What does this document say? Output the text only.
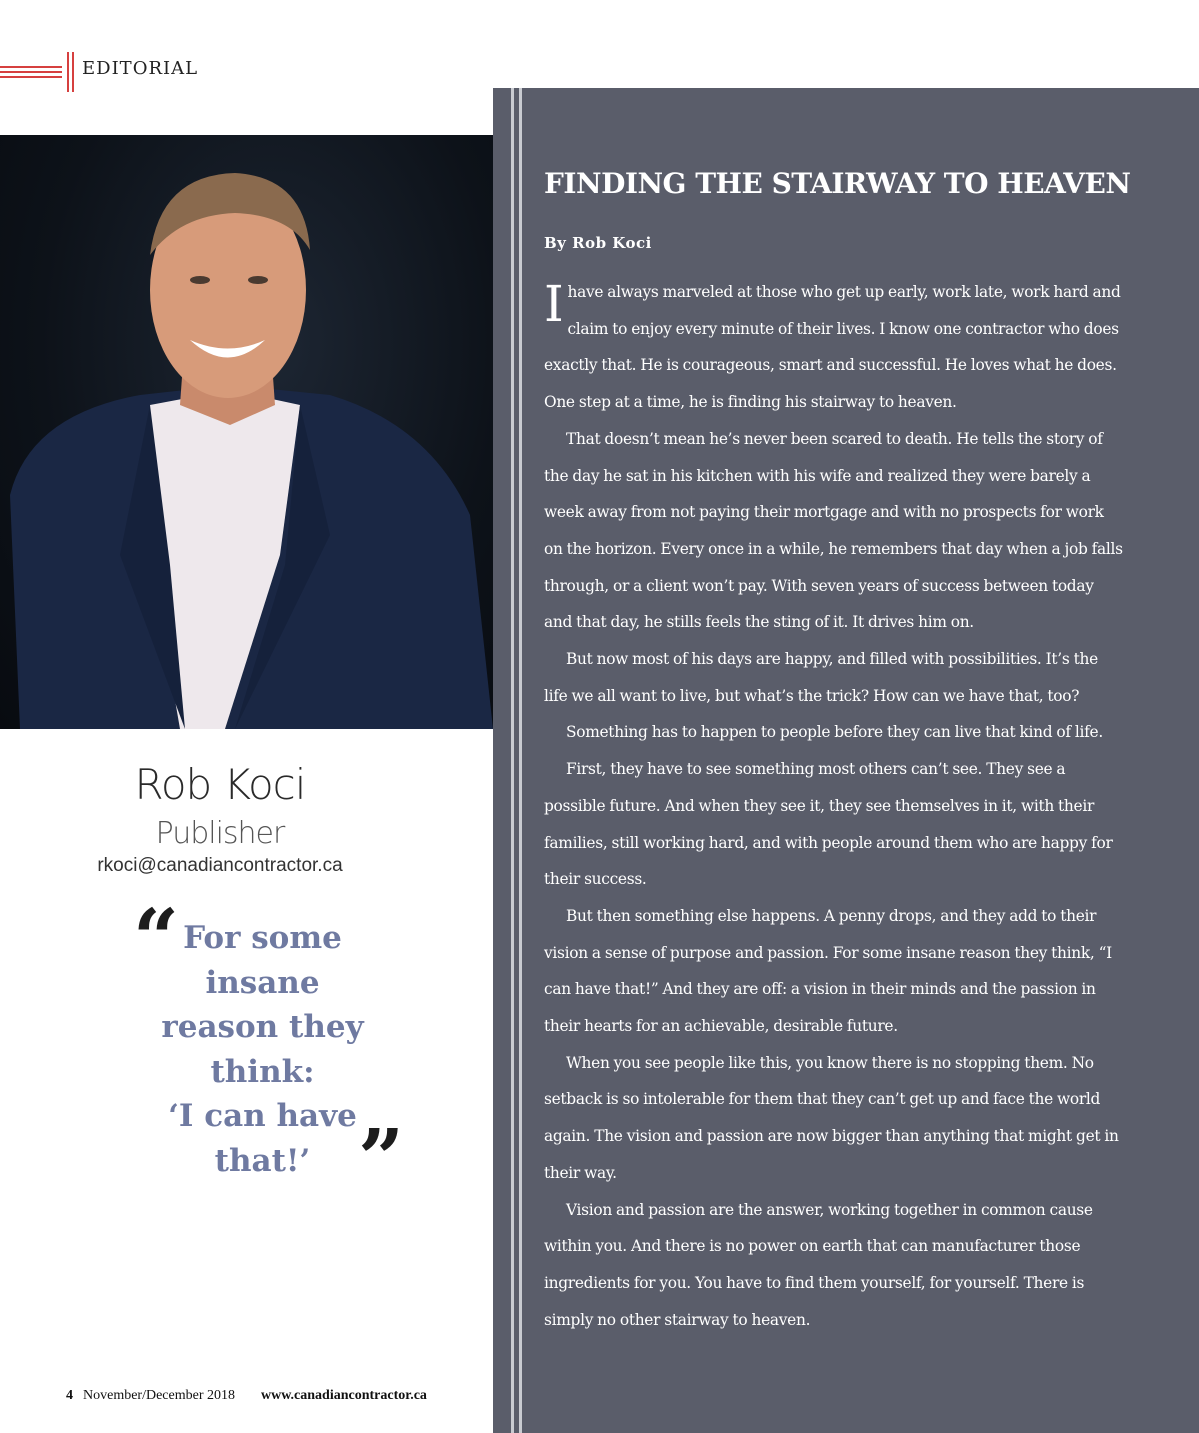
EDITORIAL
Rob Koci
Publisher
rkoci@canadiancontractor.ca
“ For some
insane
reason they
think:
‘I can have
that!’ ”
4 November/December 2018 www.canadiancontractor.ca
FINDING THE STAIRWAY TO HEAVEN
By Rob Koci

Ihave always marveled at those who get up early, work late, work hard and claim to enjoy every minute of their lives. I know one contractor who does exactly that. He is courageous, smart and successful. He loves what he does. One step at a time, he is finding his stairway to heaven.

That doesn’t mean he’s never been scared to death. He tells the story of the day he sat in his kitchen with his wife and realized they were barely a week away from not paying their mortgage and with no prospects for work on the horizon. Every once in a while, he remembers that day when a job falls through, or a client won’t pay. With seven years of success between today and that day, he stills feels the sting of it. It drives him on.

But now most of his days are happy, and filled with possibilities. It’s the life we all want to live, but what’s the trick? How can we have that, too?

Something has to happen to people before they can live that kind of life.

First, they have to see something most others can’t see. They see a possible future. And when they see it, they see themselves in it, with their families, still working hard, and with people around them who are happy for their success.

But then something else happens. A penny drops, and they add to their vision a sense of purpose and passion. For some insane reason they think, “I can have that!” And they are off: a vision in their minds and the passion in their hearts for an achievable, desirable future.

When you see people like this, you know there is no stopping them. No setback is so intolerable for them that they can’t get up and face the world again. The vision and passion are now bigger than anything that might get in their way.

Vision and passion are the answer, working together in common cause within you. And there is no power on earth that can manufacturer those ingredients for you. You have to find them yourself, for yourself. There is simply no other stairway to heaven.
